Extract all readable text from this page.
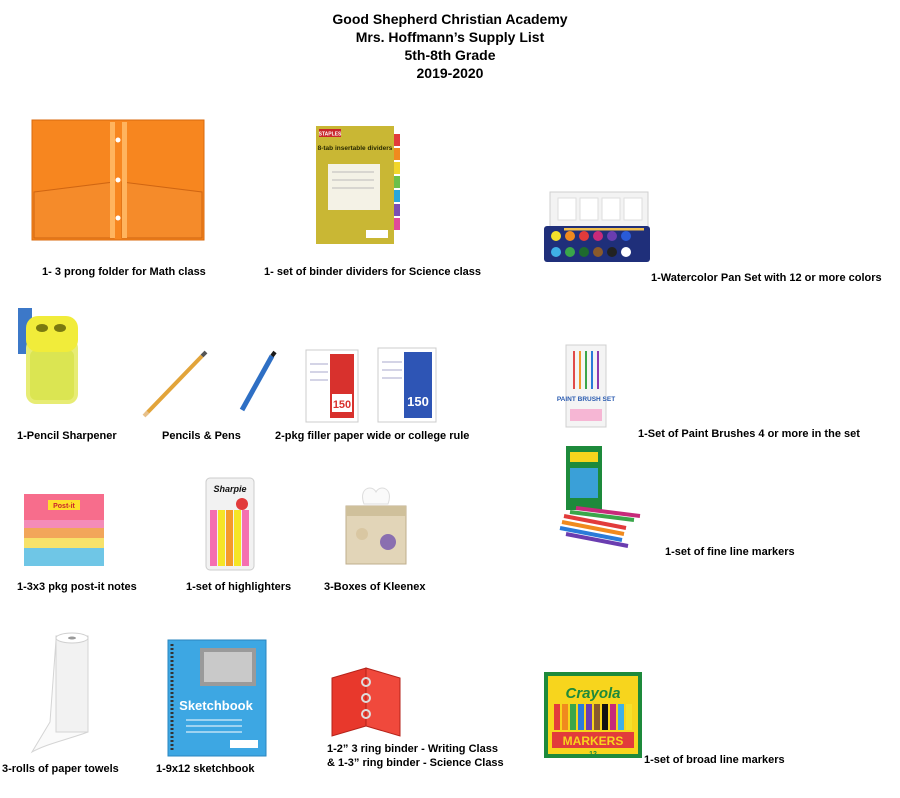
Good Shepherd Christian Academy
Mrs. Hoffmann’s Supply List
5th-8th Grade
2019-2020
1- 3 prong folder for Math class
STAPLES
8-tab insertable dividers
1- set of binder dividers for Science class	1-Watercolor Pan Set with 12 or more colors
1-Pencil Sharpener	Pencils & Pens
150	150
2-pkg filler paper wide or college rule
PAINT BRUSH SET
1-Set of Paint Brushes 4 or more in the set
1-set of fine line markers
Post-it
1-3x3 pkg post-it notes
Sharpie
1-set of highlighters	3-Boxes of Kleenex
3-rolls of paper towels
Sketchbook
1-9x12 sketchbook
1-2” 3 ring binder - Writing Class
& 1-3” ring binder - Science Class
Crayola
MARKERS
12	1-set of broad line markers
